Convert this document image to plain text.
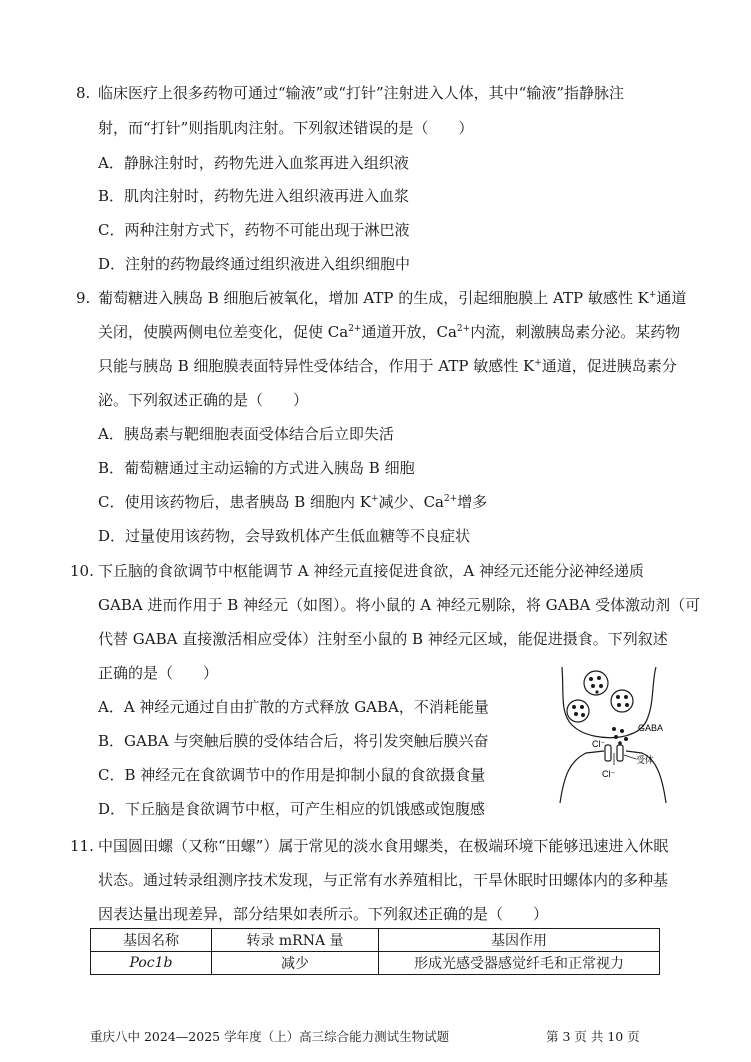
8. 临床医疗上很多药物可通过“输液”或“打针”注射进入人体，其中“输液”指静脉注
射，而“打针”则指肌肉注射。下列叙述错误的是（　　）
A．静脉注射时，药物先进入血浆再进入组织液
B．肌肉注射时，药物先进入组织液再进入血浆
C．两种注射方式下，药物不可能出现于淋巴液
D．注射的药物最终通过组织液进入组织细胞中
9. 葡萄糖进入胰岛 B 细胞后被氧化，增加 ATP 的生成，引起细胞膜上 ATP 敏感性 K+通道
关闭，使膜两侧电位差变化，促使 $Ca^{2+}$通道开放，$Ca^{2+}$内流，刺激胰岛素分泌。某药物
只能与胰岛 B 细胞膜表面特异性受体结合，作用于 ATP 敏感性 K+通道，促进胰岛素分
泌。下列叙述正确的是（　　）
A．胰岛素与靶细胞表面受体结合后立即失活
B．葡萄糖通过主动运输的方式进入胰岛 B 细胞
C．使用该药物后，患者胰岛 B 细胞内 K+减少、$Ca^{2+}$增多
D．过量使用该药物，会导致机体产生低血糖等不良症状
10. 下丘脑的食欲调节中枢能调节 A 神经元直接促进食欲，A 神经元还能分泌神经递质
GABA 进而作用于 B 神经元（如图）。将小鼠的 A 神经元剔除，将 GABA 受体激动剂（可
代替 GABA 直接激活相应受体）注射至小鼠的 B 神经元区域，能促进摄食。下列叙述
正确的是（　　）
A．A 神经元通过自由扩散的方式释放 GABA，不消耗能量
B．GABA 与突触后膜的受体结合后，将引发突触后膜兴奋
C．B 神经元在食欲调节中的作用是抑制小鼠的食欲摄食量
D．下丘脑是食欲调节中枢，可产生相应的饥饿感或饱腹感
GABA
Cl⁻
Cl⁻
受体
11. 中国圆田螺（又称“田螺”）属于常见的淡水食用螺类，在极端环境下能够迅速进入休眠
状态。通过转录组测序技术发现，与正常有水养殖相比，干旱休眠时田螺体内的多种基
因表达量出现差异，部分结果如表所示。下列叙述正确的是（　　）
基因名称	转录 mRNA 量	基因作用
Poc1b	减少	形成光感受器感觉纤毛和正常视力
重庆八中 2024—2025 学年度（上）高三综合能力测试生物试题	第 3 页 共 10 页
